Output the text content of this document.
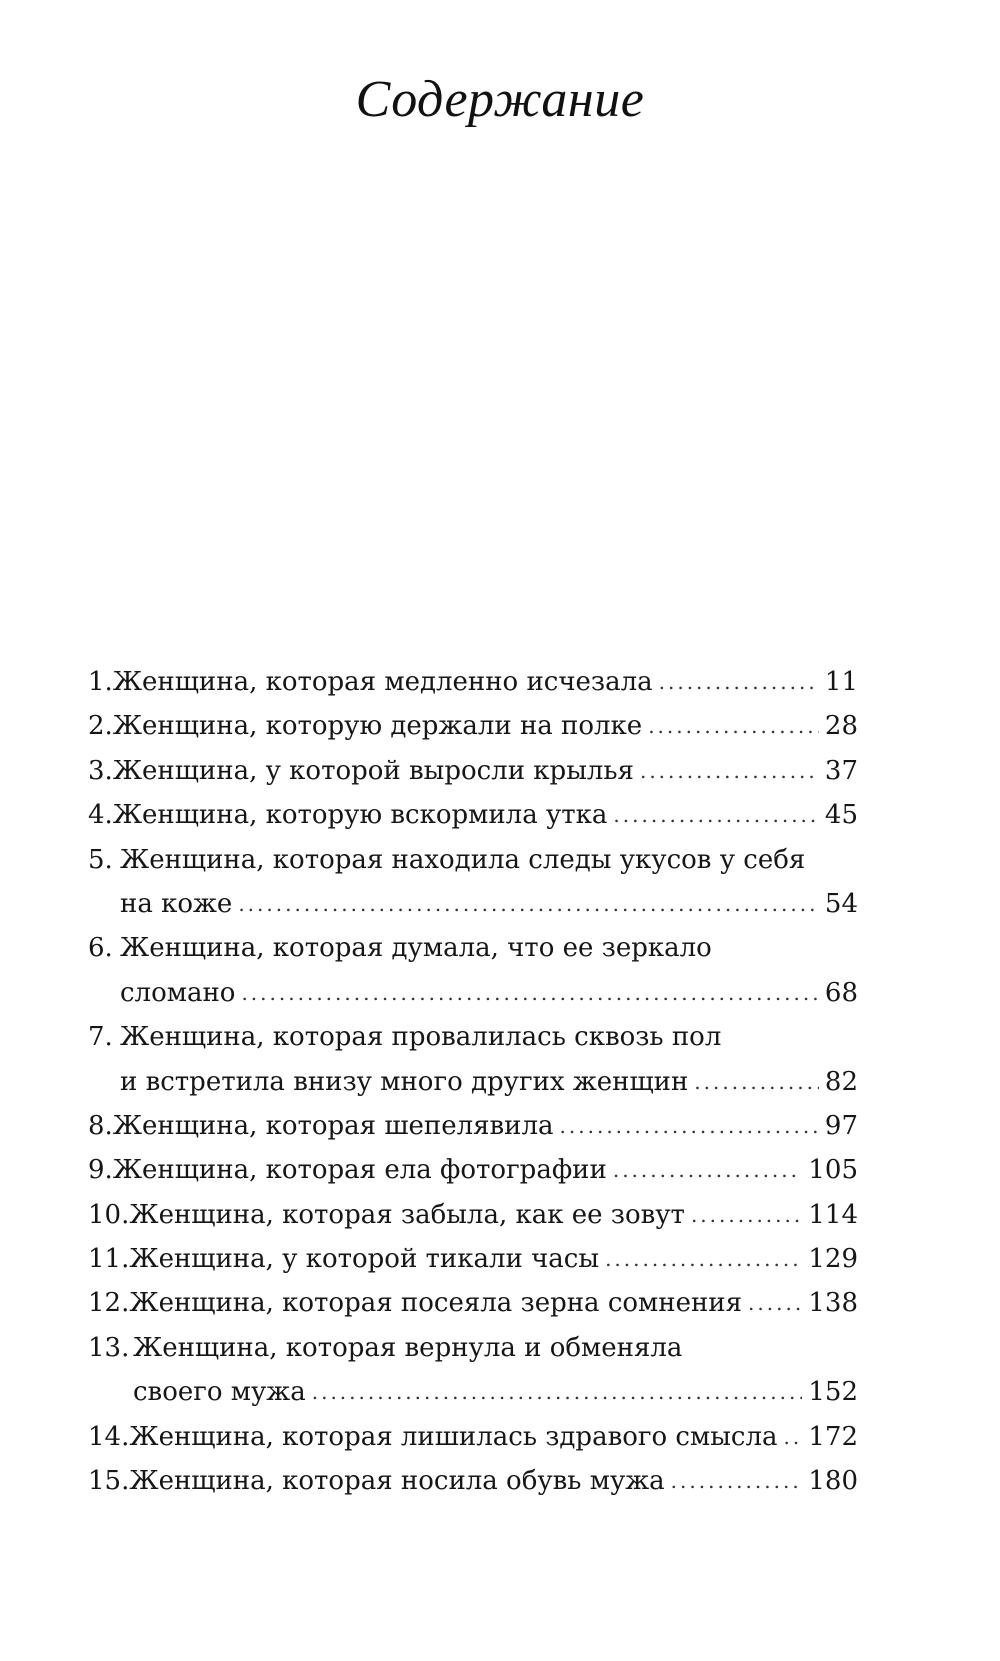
Содержание
1. Женщина, которая медленно исчезала .....	11
2. Женщина, которую держали на полке .....	28
3. Женщина, у которой выросли крылья .....	37
4. Женщина, которую вскормила утка .....	45
5. Женщина, которая находила следы укусов у себя
на коже .....	54
6. Женщина, которая думала, что ее зеркало
сломано .....	68
7. Женщина, которая провалилась сквозь пол
и встретила внизу много других женщин .....	82
8. Женщина, которая шепелявила .....	97
9. Женщина, которая ела фотографии .....	105
10. Женщина, которая забыла, как ее зовут .....	114
11. Женщина, у которой тикали часы .....	129
12. Женщина, которая посеяла зерна сомнения .....	138
13. Женщина, которая вернула и обменяла
своего мужа .....	152
14. Женщина, которая лишилась здравого смысла ..... 172
15. Женщина, которая носила обувь мужа .....	180
